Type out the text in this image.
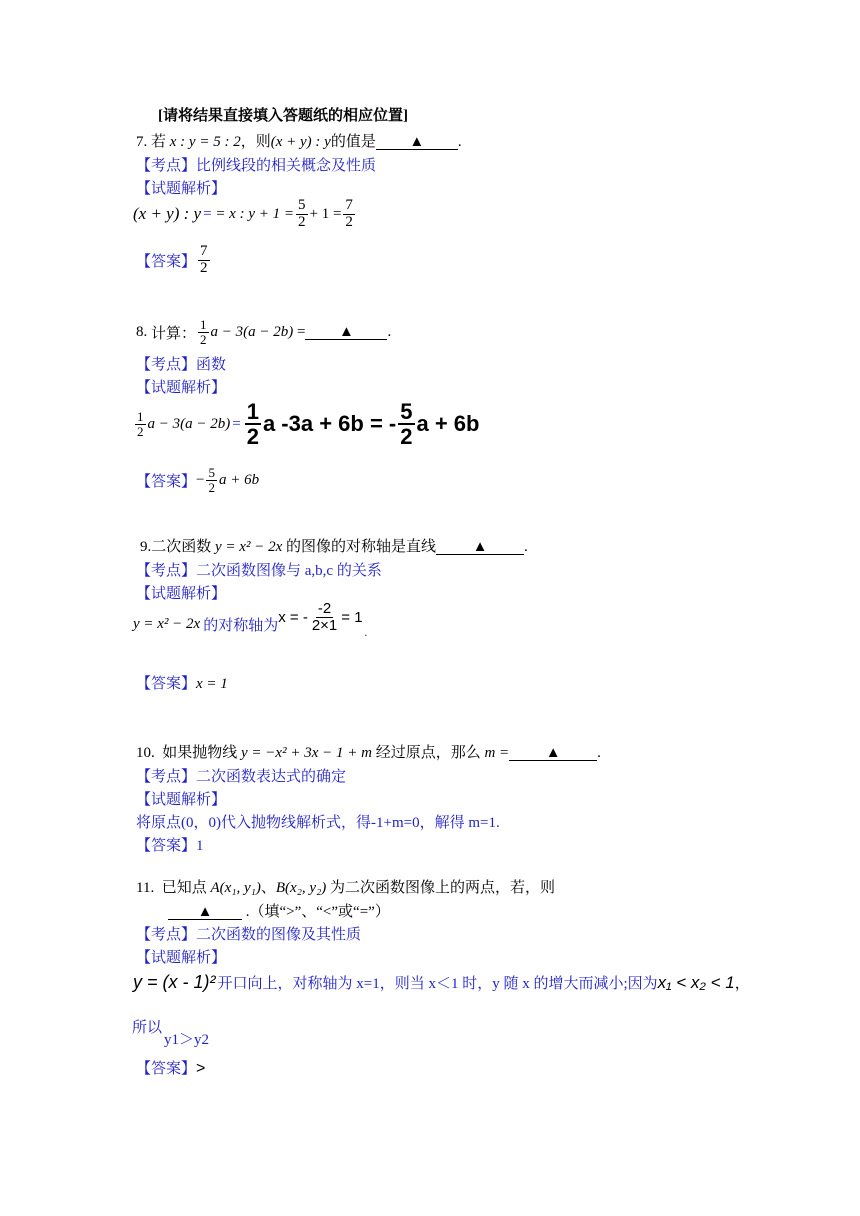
[请将结果直接填入答题纸的相应位置]
7. 若 x : y = 5 : 2，则(x + y) : y的值是 ▲ .
【考点】比例线段的相关概念及性质
【试题解析】
(x + y) : y = = x : $y + 1 = \frac{5}{2} + 1 = \frac{7}{2}$
【答案】 $\frac{7}{2}$
8.
计算： $\frac{1}{2}$ a − 3(a − 2b)
=	▲	.
【考点】函数
【试题解析】
$\frac{1}{2}$ $a - 3(a - 2b) = \frac{1}{2}$ a -3a + 6b = - $\frac{5}{2}$ a + 6b
【答案】 − $\frac{5}{2}$ a + 6b
9.二次函数 y = x² − 2x 的图像的对称轴是直线 ▲ .
【考点】二次函数图像与 a,b,c 的关系
【试题解析】
y = x² − 2x 的对称轴为 x = - $\frac{-2}{2\times 1} = 1$
.
【答案】x = 1
10. 如果抛物线 y = −x² + 3x − 1 + m 经过原点，那么 m = ▲ .
【考点】二次函数表达式的确定
【试题解析】
将原点(0，0)代入抛物线解析式，得-1+m=0，解得 m=1.
【答案】1
11. 已知点 A(x₁, y₁)、B(x₂, y₂) 为二次函数图像上的两点，若，则
▲ .（填“>”、“<”或“=”）
【考点】二次函数的图像及其性质
【试题解析】
y = (x - 1)² 开口向上，对称轴为 x=1，则当 x＜1 时，y 随 x 的增大而减小;因为 x₁ < x₂ < 1 ，
所以
y1＞y2
【答案】>
